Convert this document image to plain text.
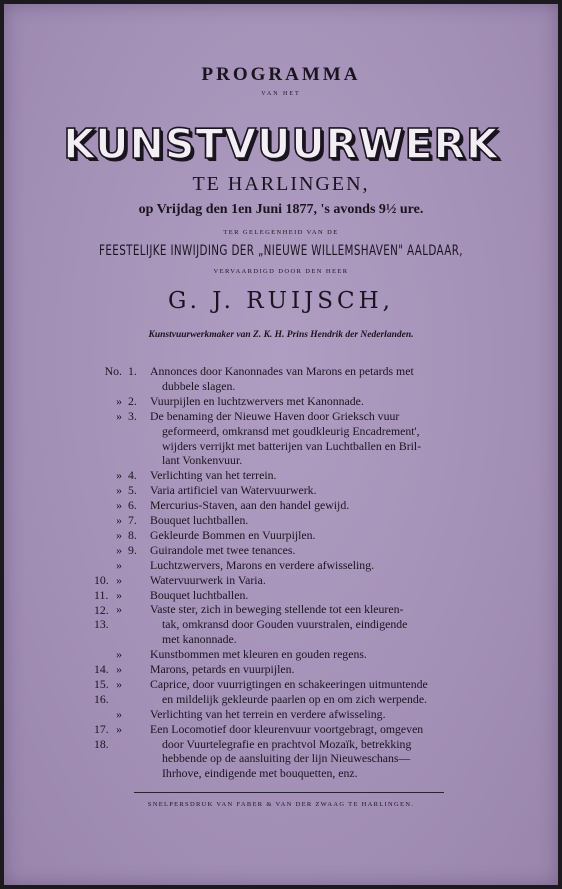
PROGRAMMA
VAN HET
KUNSTVUURWERK
TE HARLINGEN,
op Vrijdag den 1en Juni 1877, 's avonds 9½ ure.
TER GELEGENHEID VAN DE
FEESTELIJKE INWIJDING DER „NIEUWE WILLEMSHAVEN" AALDAAR,
VERVAARDIGD DOOR DEN HEER
G. J. RUIJSCH,
Kunstvuurwerkmaker van Z. K. H. Prins Hendrik der Nederlanden.
No. 1. Annonces door Kanonnades van Marons en petards met
dubbele slagen.
» 2. Vuurpijlen en luchtzwervers met Kanonnade.
» 3. De benaming der Nieuwe Haven door Grieksch vuur
geformeerd, omkransd met goudkleurig Encadrement',
wijders verrijkt met batterijen van Luchtballen en Bril-
lant Vonkenvuur.
» 4. Verlichting van het terrein.
» 5. Varia artificiel van Watervuurwerk.
» 6. Mercurius-Staven, aan den handel gewijd.
» 7. Bouquet luchtballen.
» 8. Gekleurde Bommen en Vuurpijlen.
» 9. Guirandole met twee tenances.
»10.
Luchtzwervers, Marons en verdere afwisseling.
»11.
Watervuurwerk in Varia.
»12.
Bouquet luchtballen.
»13.
Vaste ster, zich in beweging stellende tot een kleuren-
tak, omkransd door Gouden vuurstralen, eindigende
met kanonnade.
»14.
Kunstbommen met kleuren en gouden regens.
»15.
Marons, petards en vuurpijlen.
»16.
Caprice, door vuurrigtingen en schakeeringen uitmuntende
en mildelijk gekleurde paarlen op en om zich werpende.
»17.
Verlichting van het terrein en verdere afwisseling.
»18.
Een Locomotief door kleurenvuur voortgebragt, omgeven
door Vuurtelegrafie en prachtvol Mozaïk, betrekking
hebbende op de aansluiting der lijn Nieuweschans—
Ihrhove, eindigende met bouquetten, enz.
SNELPERSDRUK VAN FABER & VAN DER ZWAAG TE HARLINGEN.
